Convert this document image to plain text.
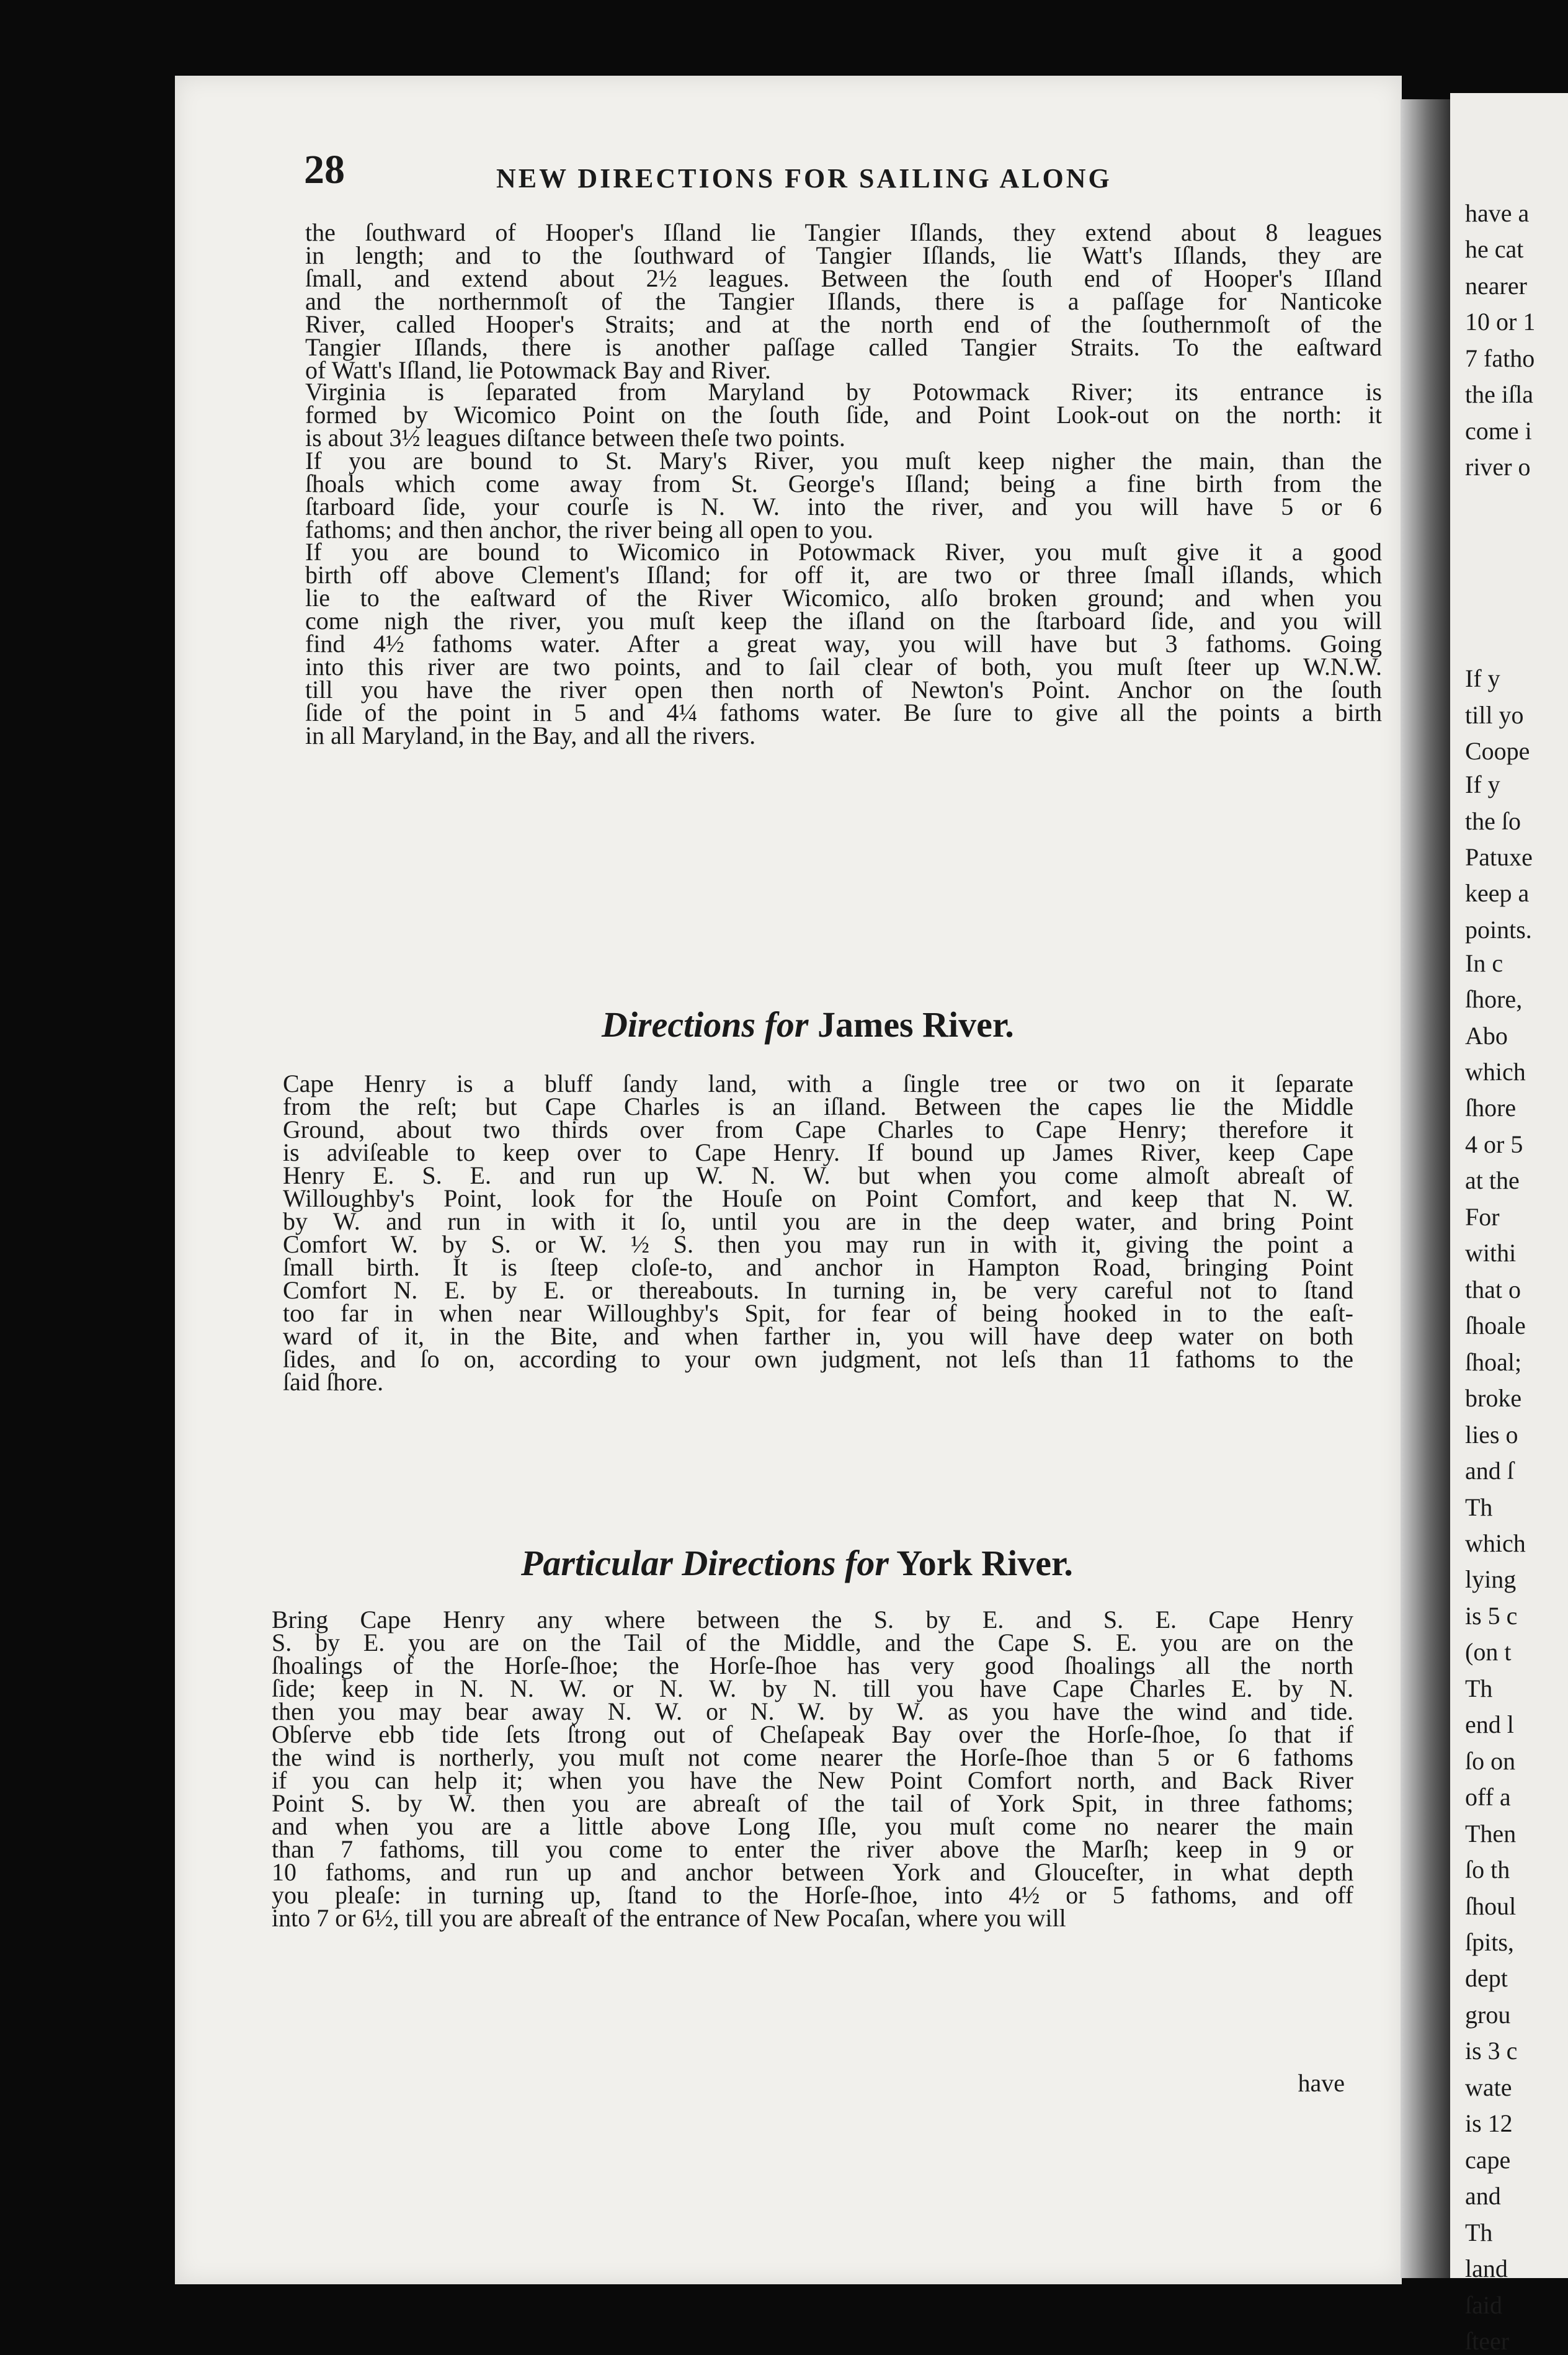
have a
he cat
nearer
10 or 1
7 fatho
the iſla
come i
river o
If y
till yo
Coope
If y
the ſo
Patuxe
keep a
points.
In c
ſhore,
Abo
which
ſhore
4 or 5
at the
For
withi
that o
ſhoale
ſhoal;
broke
lies o
and ſ
Th
which
lying
is 5 c
(on t
Th
end l
ſo on
off a
Then
ſo th
ſhoul
ſpits,
dept
grou
is 3 c
wate
is 12
cape
and
Th
land
ſaid
ſteer
28	NEW DIRECTIONS FOR SAILING ALONG
the ſouthward of Hooper's Iſland lie Tangier Iſlands, they extend about 8 leagues
in length; and to the ſouthward of Tangier Iſlands, lie Watt's Iſlands, they are
ſmall, and extend about 2½ leagues. Between the ſouth end of Hooper's Iſland
and the northernmoſt of the Tangier Iſlands, there is a paſſage for Nanticoke
River, called Hooper's Straits; and at the north end of the ſouthernmoſt of the
Tangier Iſlands, there is another paſſage called Tangier Straits. To the eaſtward
of Watt's Iſland, lie Potowmack Bay and River.
Virginia is ſeparated from Maryland by Potowmack River; its entrance is
formed by Wicomico Point on the ſouth ſide, and Point Look-out on the north: it
is about 3½ leagues diſtance between theſe two points.
If you are bound to St. Mary's River, you muſt keep nigher the main, than the
ſhoals which come away from St. George's Iſland; being a fine birth from the
ſtarboard ſide, your courſe is N. W. into the river, and you will have 5 or 6
fathoms; and then anchor, the river being all open to you.
If you are bound to Wicomico in Potowmack River, you muſt give it a good
birth off above Clement's Iſland; for off it, are two or three ſmall iſlands, which
lie to the eaſtward of the River Wicomico, alſo broken ground; and when you
come nigh the river, you muſt keep the iſland on the ſtarboard ſide, and you will
find 4½ fathoms water. After a great way, you will have but 3 fathoms. Going
into this river are two points, and to ſail clear of both, you muſt ſteer up W.N.W.
till you have the river open then north of Newton's Point. Anchor on the ſouth
ſide of the point in 5 and 4¼ fathoms water. Be ſure to give all the points a birth
in all Maryland, in the Bay, and all the rivers.
Directions for James River.
Cape Henry is a bluff ſandy land, with a ſingle tree or two on it ſeparate
from the reſt; but Cape Charles is an iſland. Between the capes lie the Middle
Ground, about two thirds over from Cape Charles to Cape Henry; therefore it
is adviſeable to keep over to Cape Henry. If bound up James River, keep Cape
Henry E. S. E. and run up W. N. W. but when you come almoſt abreaſt of
Willoughby's Point, look for the Houſe on Point Comfort, and keep that N. W.
by W. and run in with it ſo, until you are in the deep water, and bring Point
Comfort W. by S. or W. ½ S. then you may run in with it, giving the point a
ſmall birth. It is ſteep cloſe-to, and anchor in Hampton Road, bringing Point
Comfort N. E. by E. or thereabouts. In turning in, be very careful not to ſtand
too far in when near Willoughby's Spit, for fear of being hooked in to the eaſt-
ward of it, in the Bite, and when farther in, you will have deep water on both
ſides, and ſo on, according to your own judgment, not leſs than 11 fathoms to the
ſaid ſhore.
Particular Directions for York River.
Bring Cape Henry any where between the S. by E. and S. E. Cape Henry
S. by E. you are on the Tail of the Middle, and the Cape S. E. you are on the
ſhoalings of the Horſe-ſhoe; the Horſe-ſhoe has very good ſhoalings all the north
ſide; keep in N. N. W. or N. W. by N. till you have Cape Charles E. by N.
then you may bear away N. W. or N. W. by W. as you have the wind and tide.
Obſerve ebb tide ſets ſtrong out of Cheſapeak Bay over the Horſe-ſhoe, ſo that if
the wind is northerly, you muſt not come nearer the Horſe-ſhoe than 5 or 6 fathoms
if you can help it; when you have the New Point Comfort north, and Back River
Point S. by W. then you are abreaſt of the tail of York Spit, in three fathoms;
and when you are a little above Long Iſle, you muſt come no nearer the main
than 7 fathoms, till you come to enter the river above the Marſh; keep in 9 or
10 fathoms, and run up and anchor between York and Glouceſter, in what depth
you pleaſe: in turning up, ſtand to the Horſe-ſhoe, into 4½ or 5 fathoms, and off
into 7 or 6½, till you are abreaſt of the entrance of New Pocaſan, where you will
have
